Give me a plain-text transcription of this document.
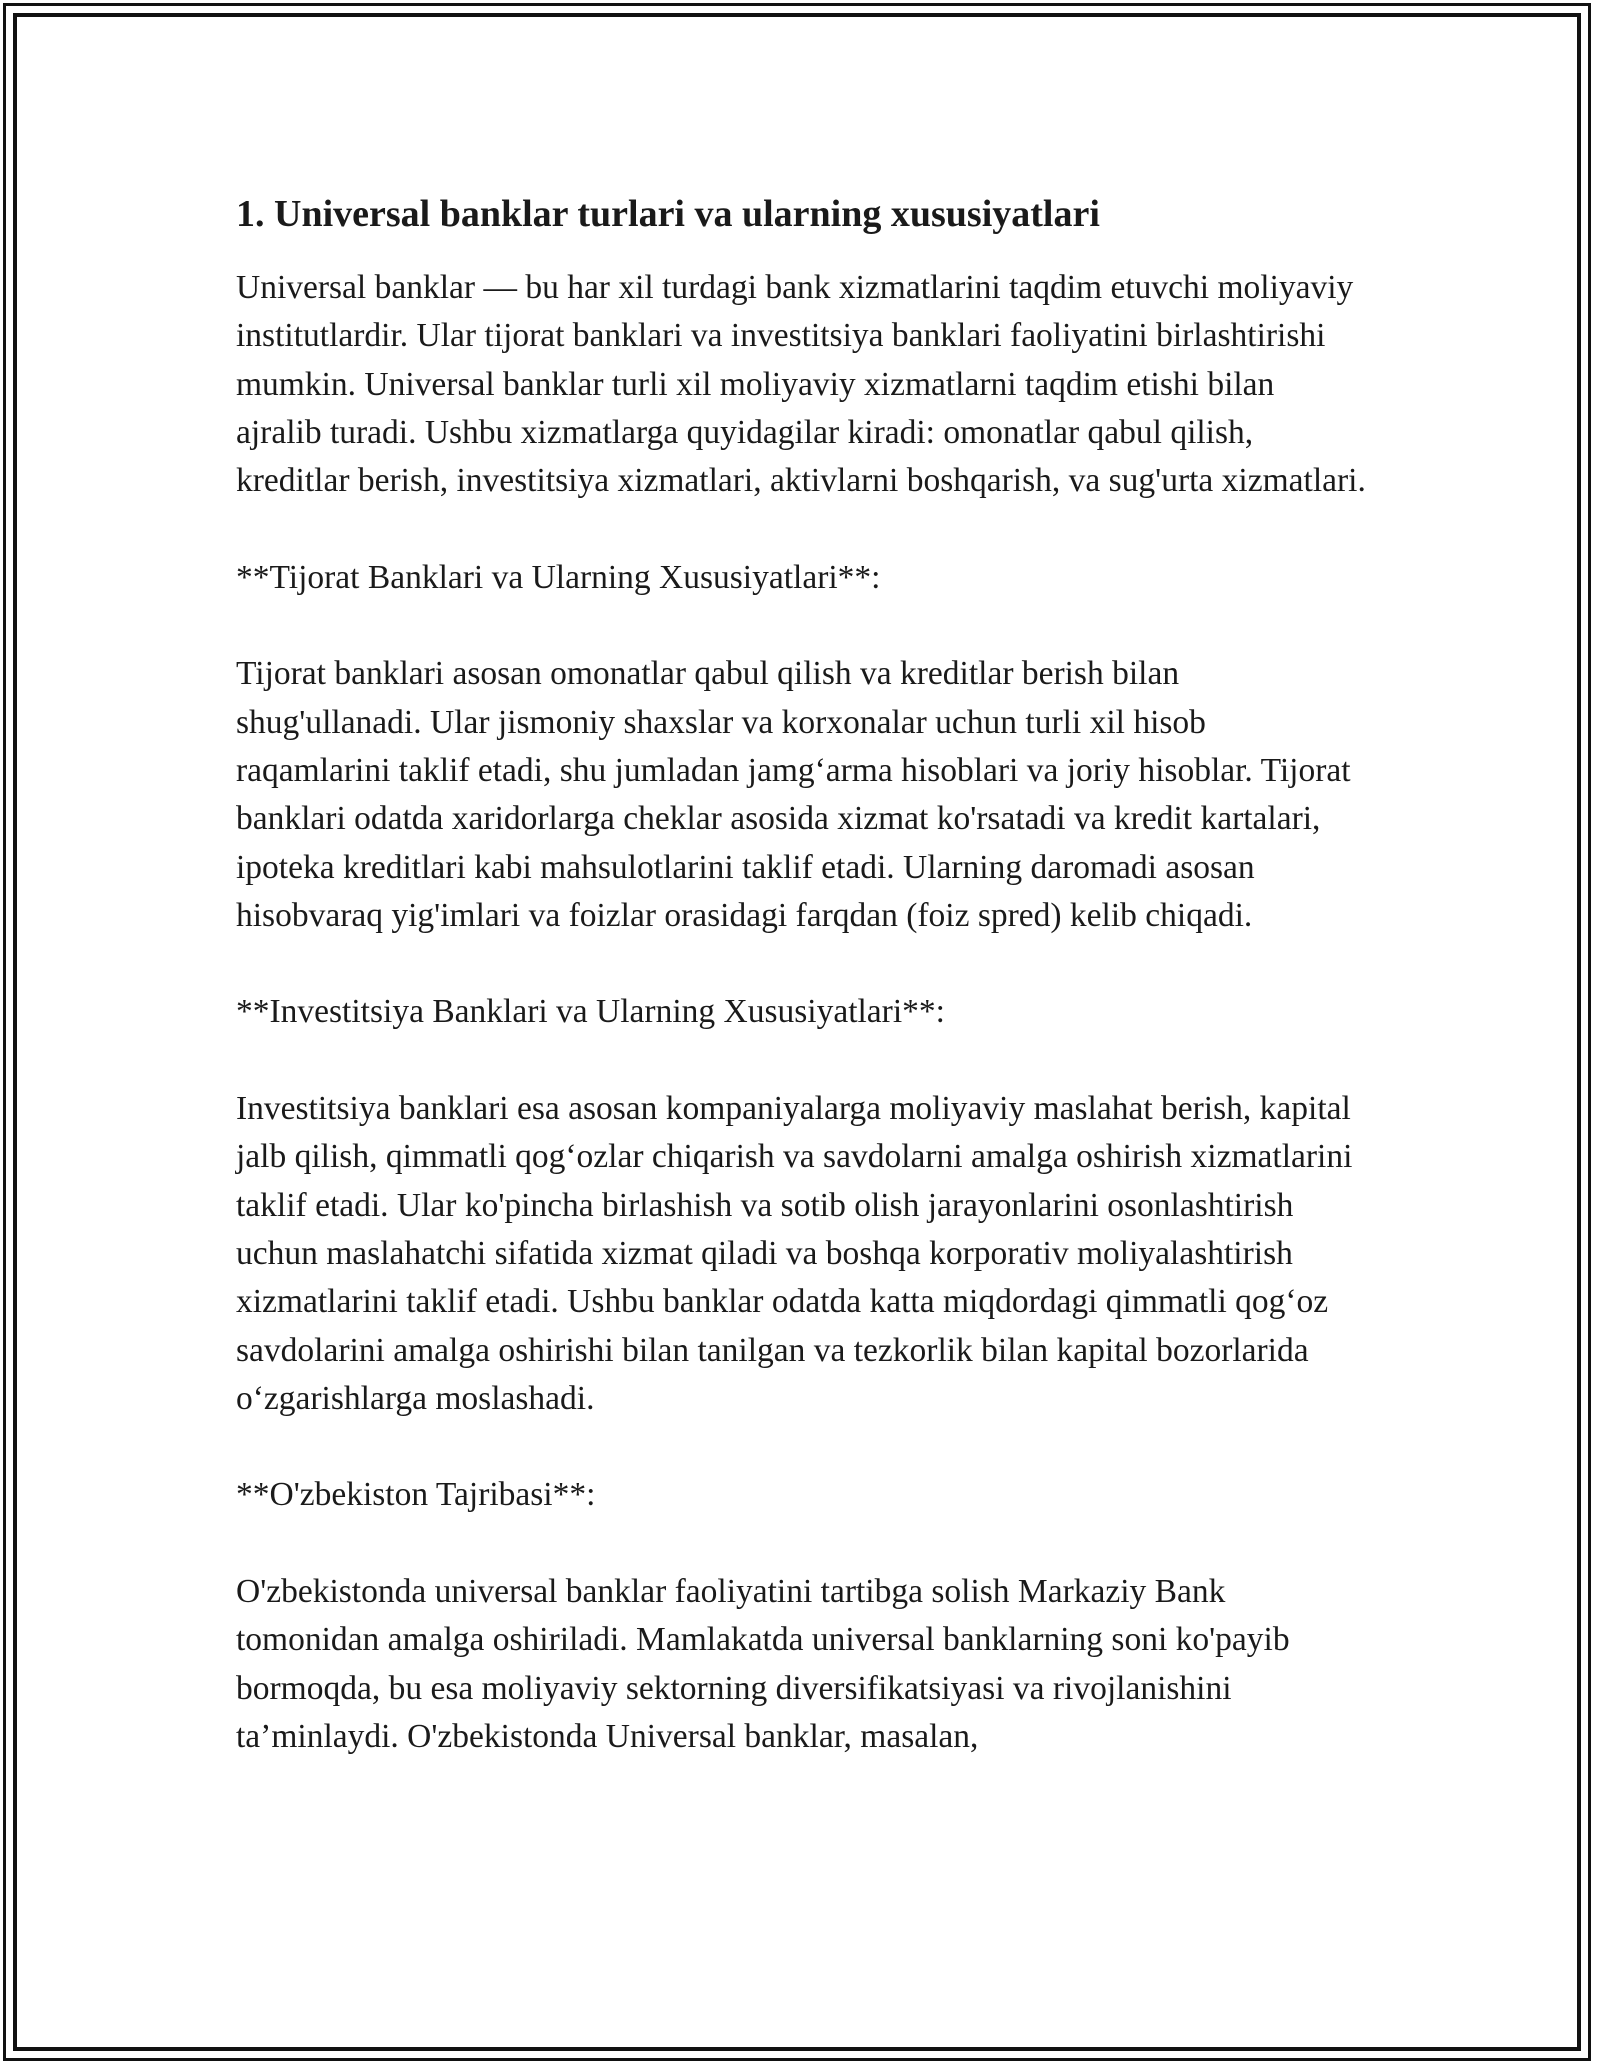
1. Universal banklar turlari va ularning xususiyatlari

Universal banklar — bu har xil turdagi bank xizmatlarini taqdim etuvchi moliyaviy institutlardir. Ular tijorat banklari va investitsiya banklari faoliyatini birlashtirishi mumkin. Universal banklar turli xil moliyaviy xizmatlarni taqdim etishi bilan ajralib turadi. Ushbu xizmatlarga quyidagilar kiradi: omonatlar qabul qilish, kreditlar berish, investitsiya xizmatlari, aktivlarni boshqarish, va sug'urta xizmatlari.

**Tijorat Banklari va Ularning Xususiyatlari**:

Tijorat banklari asosan omonatlar qabul qilish va kreditlar berish bilan shug'ullanadi. Ular jismoniy shaxslar va korxonalar uchun turli xil hisob raqamlarini taklif etadi, shu jumladan jamg‘arma hisoblari va joriy hisoblar. Tijorat banklari odatda xaridorlarga cheklar asosida xizmat ko'rsatadi va kredit kartalari, ipoteka kreditlari kabi mahsulotlarini taklif etadi. Ularning daromadi asosan hisobvaraq yig'imlari va foizlar orasidagi farqdan (foiz spred) kelib chiqadi.

**Investitsiya Banklari va Ularning Xususiyatlari**:

Investitsiya banklari esa asosan kompaniyalarga moliyaviy maslahat berish, kapital jalb qilish, qimmatli qog‘ozlar chiqarish va savdolarni amalga oshirish xizmatlarini taklif etadi. Ular ko'pincha birlashish va sotib olish jarayonlarini osonlashtirish uchun maslahatchi sifatida xizmat qiladi va boshqa korporativ moliyalashtirish xizmatlarini taklif etadi. Ushbu banklar odatda katta miqdordagi qimmatli qog‘oz savdolarini amalga oshirishi bilan tanilgan va tezkorlik bilan kapital bozorlarida o‘zgarishlarga moslashadi.

**O'zbekiston Tajribasi**:

O'zbekistonda universal banklar faoliyatini tartibga solish Markaziy Bank tomonidan amalga oshiriladi. Mamlakatda universal banklarning soni ko'payib bormoqda, bu esa moliyaviy sektorning diversifikatsiyasi va rivojlanishini ta’minlaydi. O'zbekistonda Universal banklar, masalan,
